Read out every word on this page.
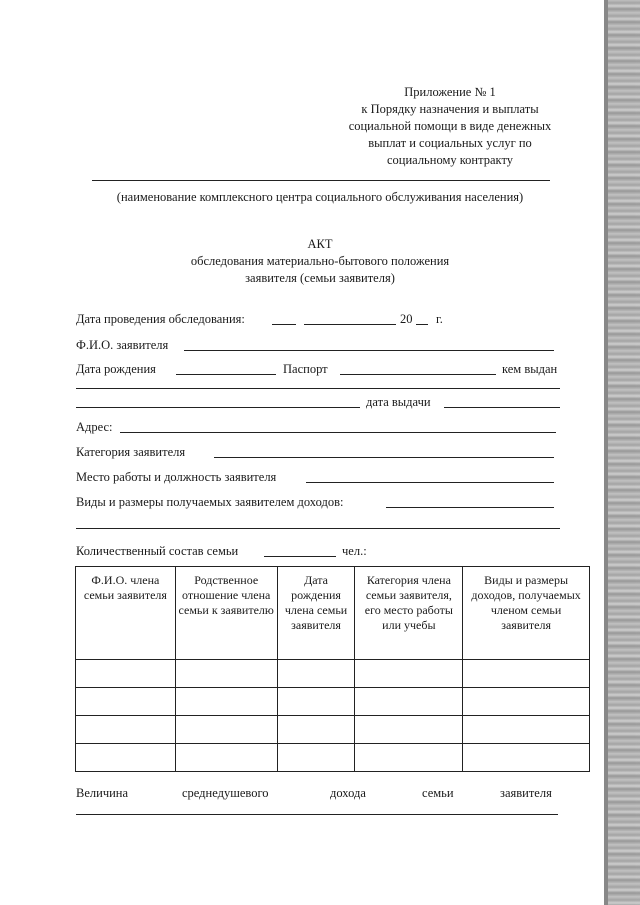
Приложение № 1
к Порядку назначения и выплаты
социальной помощи в виде денежных
выплат и социальных услуг по
социальному контракту
(наименование комплексного центра социального обслуживания населения)
АКТ
обследования материально-бытового положения
заявителя (семьи заявителя)
Дата проведения обследования:	20 г.
Ф.И.О. заявителя
Дата рождения	Паспорт	кем выдан
дата выдачи
Адрес:
Категория заявителя
Место работы и должность заявителя
Виды и размеры получаемых заявителем доходов:
Количественный состав семьи	чел.:
Ф.И.О. члена семьи заявителя	Родственное отношение члена семьи к заявителю	Дата рождения члена семьи заявителя	Категория члена семьи заявителя, его место работы или учебы	Виды и размеры доходов, получаемых членом семьи заявителя

Величина	среднедушевого	дохода	семьи	заявителя
